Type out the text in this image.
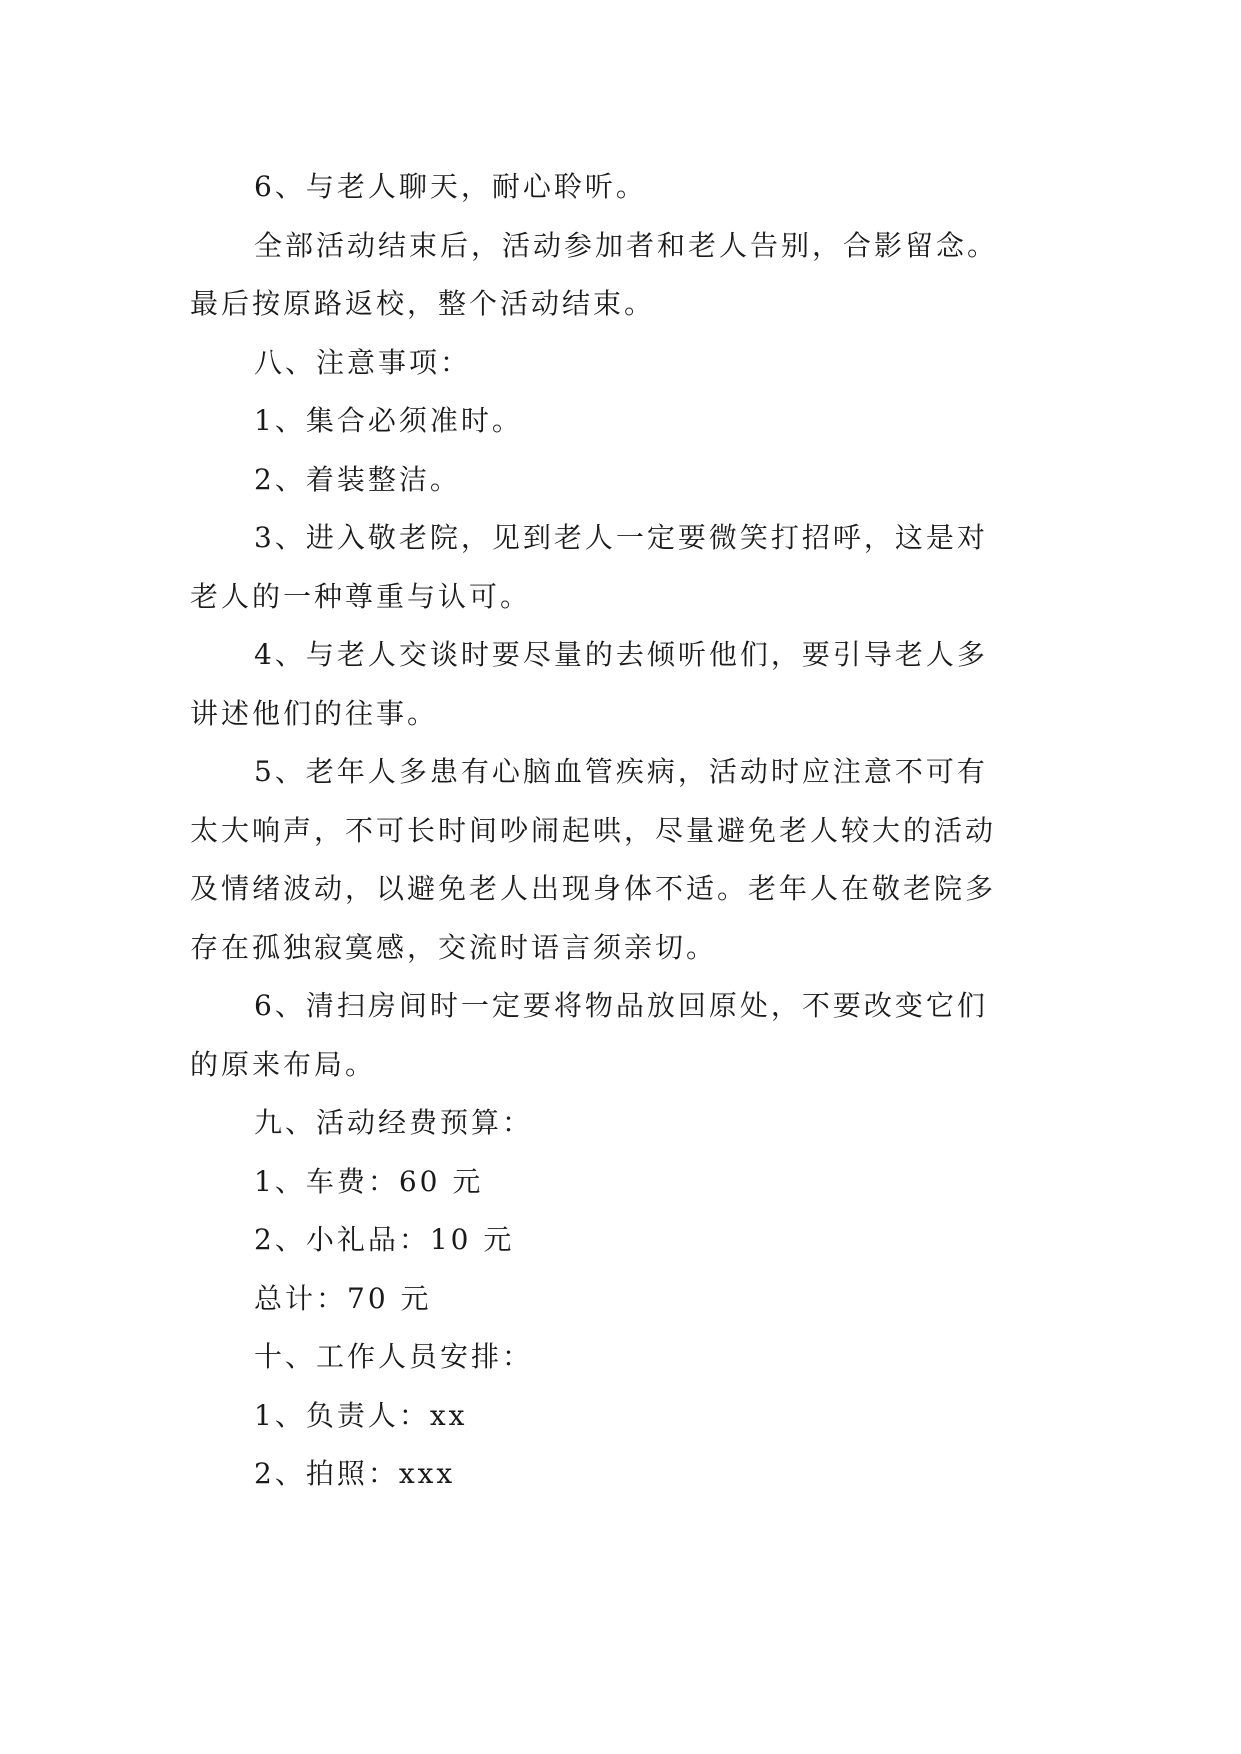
6、与老人聊天，耐心聆听。

全部活动结束后，活动参加者和老人告别，合影留念。

最后按原路返校，整个活动结束。

八、注意事项：

1、集合必须准时。

2、着装整洁。

3、进入敬老院，见到老人一定要微笑打招呼，这是对

老人的一种尊重与认可。

4、与老人交谈时要尽量的去倾听他们，要引导老人多

讲述他们的往事。

5、老年人多患有心脑血管疾病，活动时应注意不可有

太大响声，不可长时间吵闹起哄，尽量避免老人较大的活动

及情绪波动，以避免老人出现身体不适。老年人在敬老院多

存在孤独寂寞感，交流时语言须亲切。

6、清扫房间时一定要将物品放回原处，不要改变它们

的原来布局。

九、活动经费预算：

1、车费：60 元

2、小礼品：10 元

总计：70 元

十、工作人员安排：

1、负责人：xx

2、拍照：xxx
